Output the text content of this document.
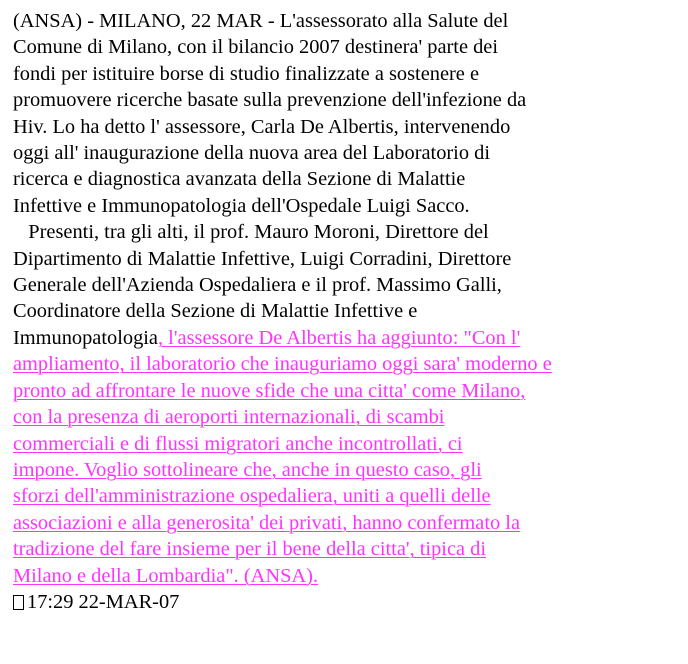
(ANSA) - MILANO, 22 MAR - L'assessorato alla Salute del
Comune di Milano, con il bilancio 2007 destinera' parte dei
fondi per istituire borse di studio finalizzate a sostenere e
promuovere ricerche basate sulla prevenzione dell'infezione da
Hiv. Lo ha detto l' assessore, Carla De Albertis, intervenendo
oggi all' inaugurazione della nuova area del Laboratorio di
ricerca e diagnostica avanzata della Sezione di Malattie
Infettive e Immunopatologia dell'Ospedale Luigi Sacco.
Presenti, tra gli alti, il prof. Mauro Moroni, Direttore del
Dipartimento di Malattie Infettive, Luigi Corradini, Direttore
Generale dell'Azienda Ospedaliera e il prof. Massimo Galli,
Coordinatore della Sezione di Malattie Infettive e
Immunopatologia, l'assessore De Albertis ha aggiunto: "Con l'
ampliamento, il laboratorio che inauguriamo oggi sara' moderno e
pronto ad affrontare le nuove sfide che una citta' come Milano,
con la presenza di aeroporti internazionali, di scambi
commerciali e di flussi migratori anche incontrollati, ci
impone. Voglio sottolineare che, anche in questo caso, gli
sforzi dell'amministrazione ospedaliera, uniti a quelli delle
associazioni e alla generosita' dei privati, hanno confermato la
tradizione del fare insieme per il bene della citta', tipica di
Milano e della Lombardia". (ANSA).
17:29 22-MAR-07
